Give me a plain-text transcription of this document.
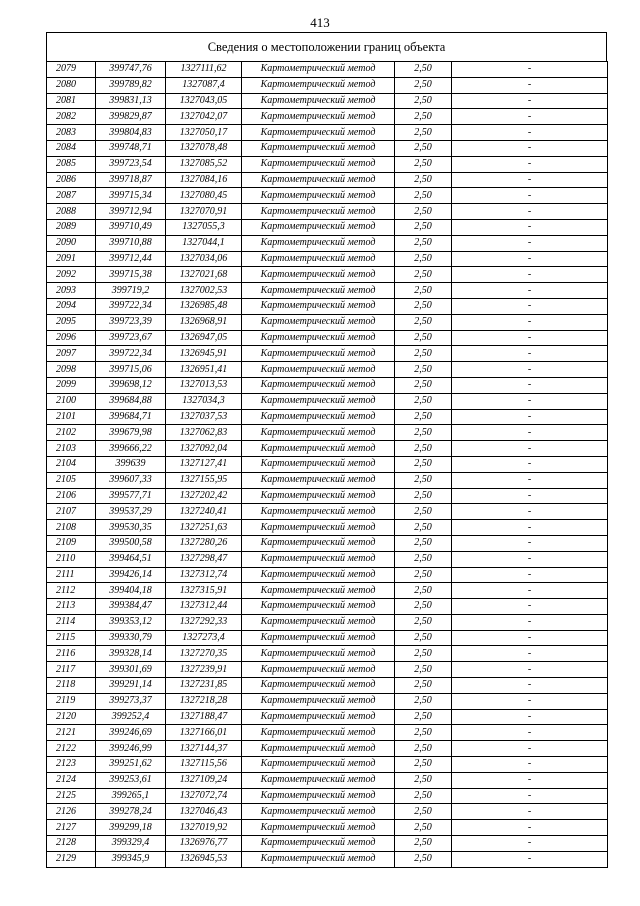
413
Сведения о местоположении границ объекта
2079	399747,76	1327111,62	Картометрический метод	2,50	-
2080	399789,82	1327087,4	Картометрический метод	2,50	-
2081	399831,13	1327043,05	Картометрический метод	2,50	-
2082	399829,87	1327042,07	Картометрический метод	2,50	-
2083	399804,83	1327050,17	Картометрический метод	2,50	-
2084	399748,71	1327078,48	Картометрический метод	2,50	-
2085	399723,54	1327085,52	Картометрический метод	2,50	-
2086	399718,87	1327084,16	Картометрический метод	2,50	-
2087	399715,34	1327080,45	Картометрический метод	2,50	-
2088	399712,94	1327070,91	Картометрический метод	2,50	-
2089	399710,49	1327055,3	Картометрический метод	2,50	-
2090	399710,88	1327044,1	Картометрический метод	2,50	-
2091	399712,44	1327034,06	Картометрический метод	2,50	-
2092	399715,38	1327021,68	Картометрический метод	2,50	-
2093	399719,2	1327002,53	Картометрический метод	2,50	-
2094	399722,34	1326985,48	Картометрический метод	2,50	-
2095	399723,39	1326968,91	Картометрический метод	2,50	-
2096	399723,67	1326947,05	Картометрический метод	2,50	-
2097	399722,34	1326945,91	Картометрический метод	2,50	-
2098	399715,06	1326951,41	Картометрический метод	2,50	-
2099	399698,12	1327013,53	Картометрический метод	2,50	-
2100	399684,88	1327034,3	Картометрический метод	2,50	-
2101	399684,71	1327037,53	Картометрический метод	2,50	-
2102	399679,98	1327062,83	Картометрический метод	2,50	-
2103	399666,22	1327092,04	Картометрический метод	2,50	-
2104	399639	1327127,41	Картометрический метод	2,50	-
2105	399607,33	1327155,95	Картометрический метод	2,50	-
2106	399577,71	1327202,42	Картометрический метод	2,50	-
2107	399537,29	1327240,41	Картометрический метод	2,50	-
2108	399530,35	1327251,63	Картометрический метод	2,50	-
2109	399500,58	1327280,26	Картометрический метод	2,50	-
2110	399464,51	1327298,47	Картометрический метод	2,50	-
2111	399426,14	1327312,74	Картометрический метод	2,50	-
2112	399404,18	1327315,91	Картометрический метод	2,50	-
2113	399384,47	1327312,44	Картометрический метод	2,50	-
2114	399353,12	1327292,33	Картометрический метод	2,50	-
2115	399330,79	1327273,4	Картометрический метод	2,50	-
2116	399328,14	1327270,35	Картометрический метод	2,50	-
2117	399301,69	1327239,91	Картометрический метод	2,50	-
2118	399291,14	1327231,85	Картометрический метод	2,50	-
2119	399273,37	1327218,28	Картометрический метод	2,50	-
2120	399252,4	1327188,47	Картометрический метод	2,50	-
2121	399246,69	1327166,01	Картометрический метод	2,50	-
2122	399246,99	1327144,37	Картометрический метод	2,50	-
2123	399251,62	1327115,56	Картометрический метод	2,50	-
2124	399253,61	1327109,24	Картометрический метод	2,50	-
2125	399265,1	1327072,74	Картометрический метод	2,50	-
2126	399278,24	1327046,43	Картометрический метод	2,50	-
2127	399299,18	1327019,92	Картометрический метод	2,50	-
2128	399329,4	1326976,77	Картометрический метод	2,50	-
2129	399345,9	1326945,53	Картометрический метод	2,50	-
